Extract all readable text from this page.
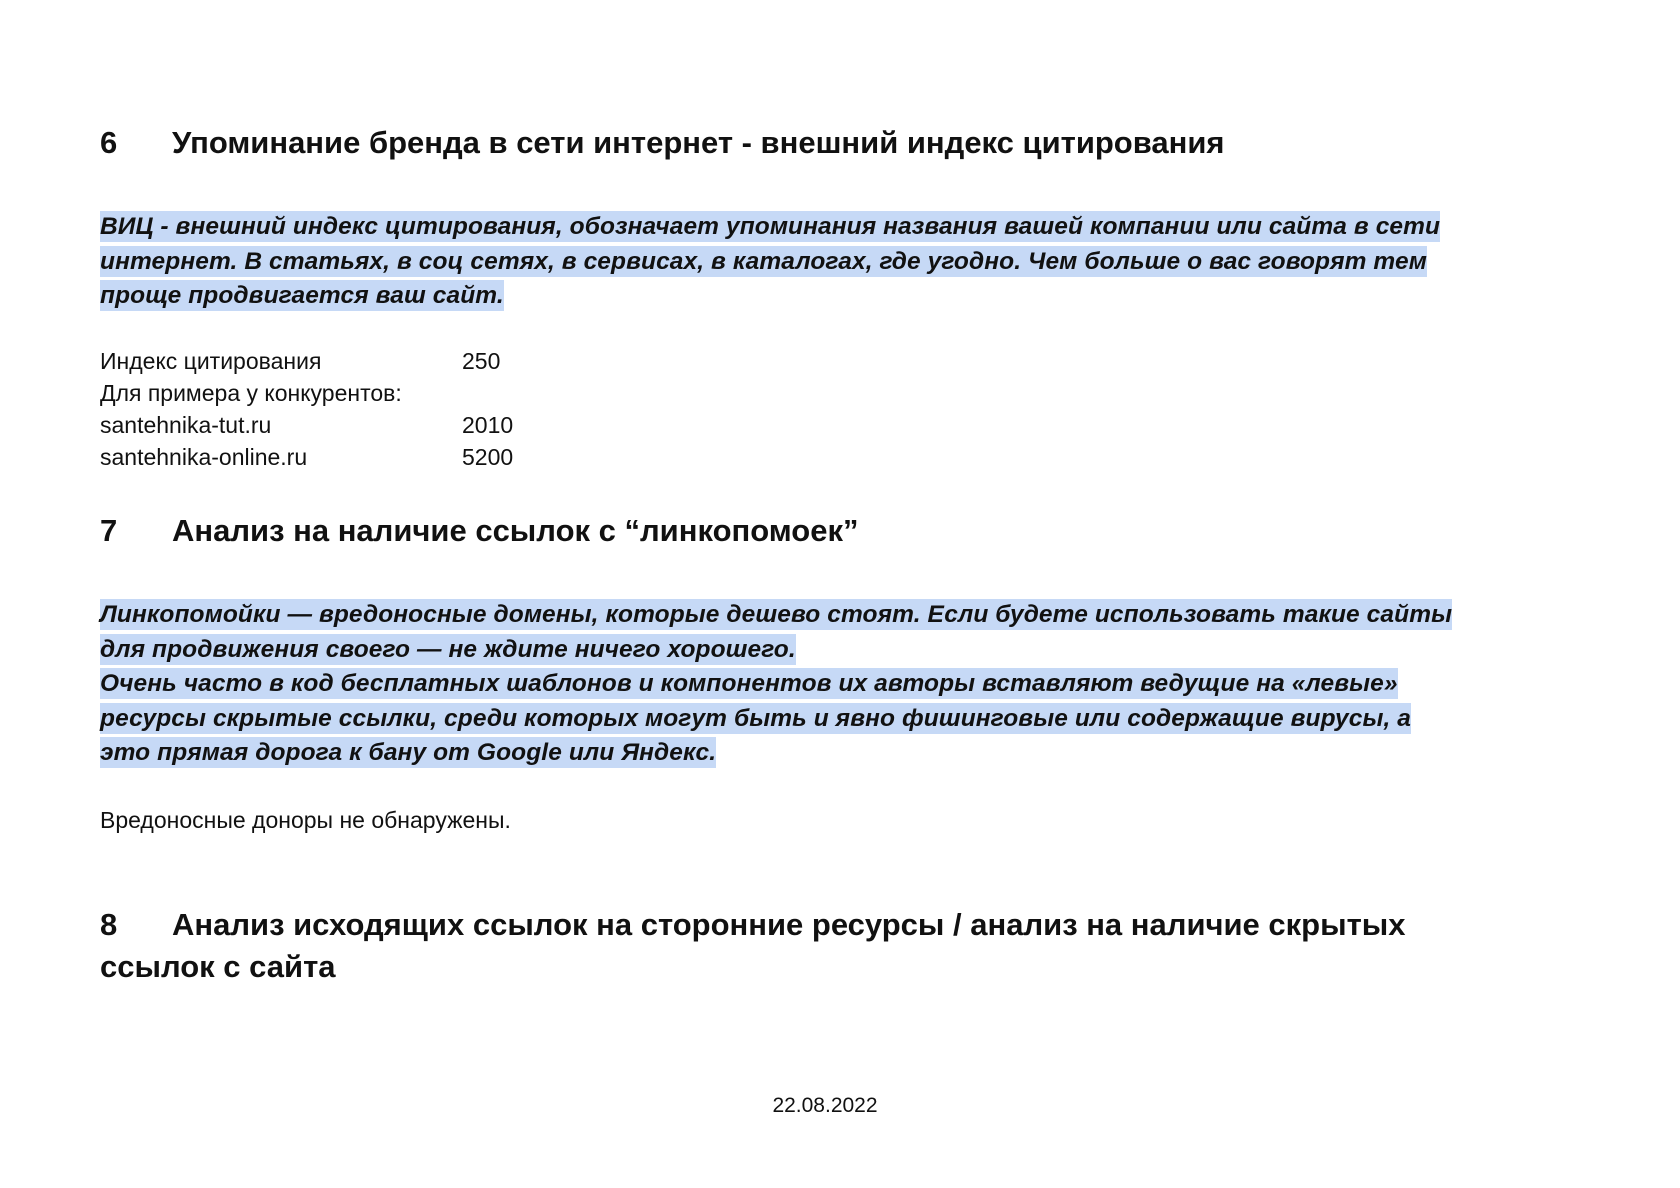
6 Упоминание бренда в сети интернет - внешний индекс цитирования
ВИЦ - внешний индекс цитирования, обозначает упоминания названия вашей компании или сайта в сети
интернет. В статьях, в соц сетях, в сервисах, в каталогах, где угодно. Чем больше о вас говорят тем
проще продвигается ваш сайт.
Индекс цитирования	250
Для примера у конкурентов:	
santehnika-tut.ru	2010
santehnika-online.ru	5200
7 Анализ на наличие ссылок с “линкопомоек”
Линкопомойки — вредоносные домены, которые дешево стоят. Если будете использовать такие сайты
для продвижения своего — не ждите ничего хорошего.
Очень часто в код бесплатных шаблонов и компонентов их авторы вставляют ведущие на «левые»
ресурсы скрытые ссылки, среди которых могут быть и явно фишинговые или содержащие вирусы, а
это прямая дорога к бану от Google или Яндекс.

Вредоносные доноры не обнаружены.

8 Анализ исходящих ссылок на сторонние ресурсы / анализ на наличие скрытых
ссылок с сайта

22.08.2022
